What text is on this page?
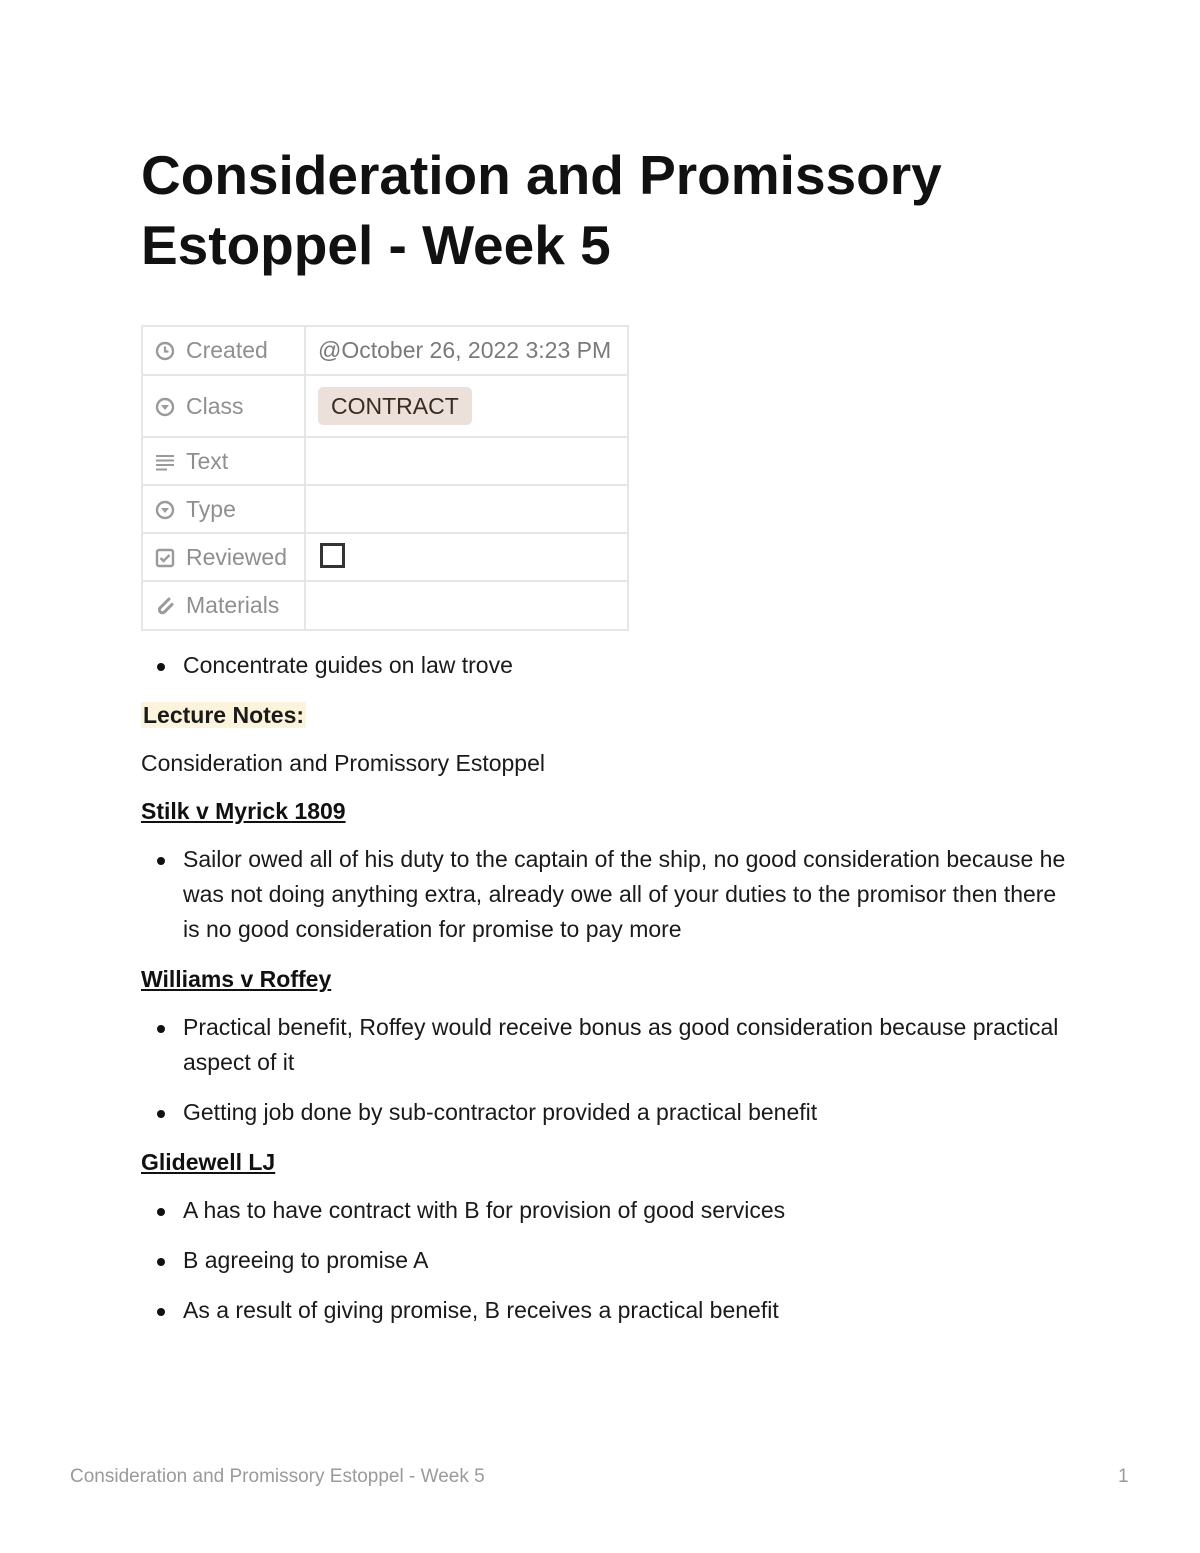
Consideration and Promissory Estoppel - Week 5
Created	@October 26, 2022 3:23 PM
Class	CONTRACT
Text	
Type	
Reviewed	
Materials	
Concentrate guides on law trove

Lecture Notes:

Consideration and Promissory Estoppel

Stilk v Myrick 1809

Sailor owed all of his duty to the captain of the ship, no good consideration because he was not doing anything extra, already owe all of your duties to the promisor then there is no good consideration for promise to pay more

Williams v Roffey

Practical benefit, Roffey would receive bonus as good consideration because practical aspect of it
Getting job done by sub-contractor provided a practical benefit

Glidewell LJ

A has to have contract with B for provision of good services
B agreeing to promise A
As a result of giving promise, B receives a practical benefit
Consideration and Promissory Estoppel - Week 5	1
